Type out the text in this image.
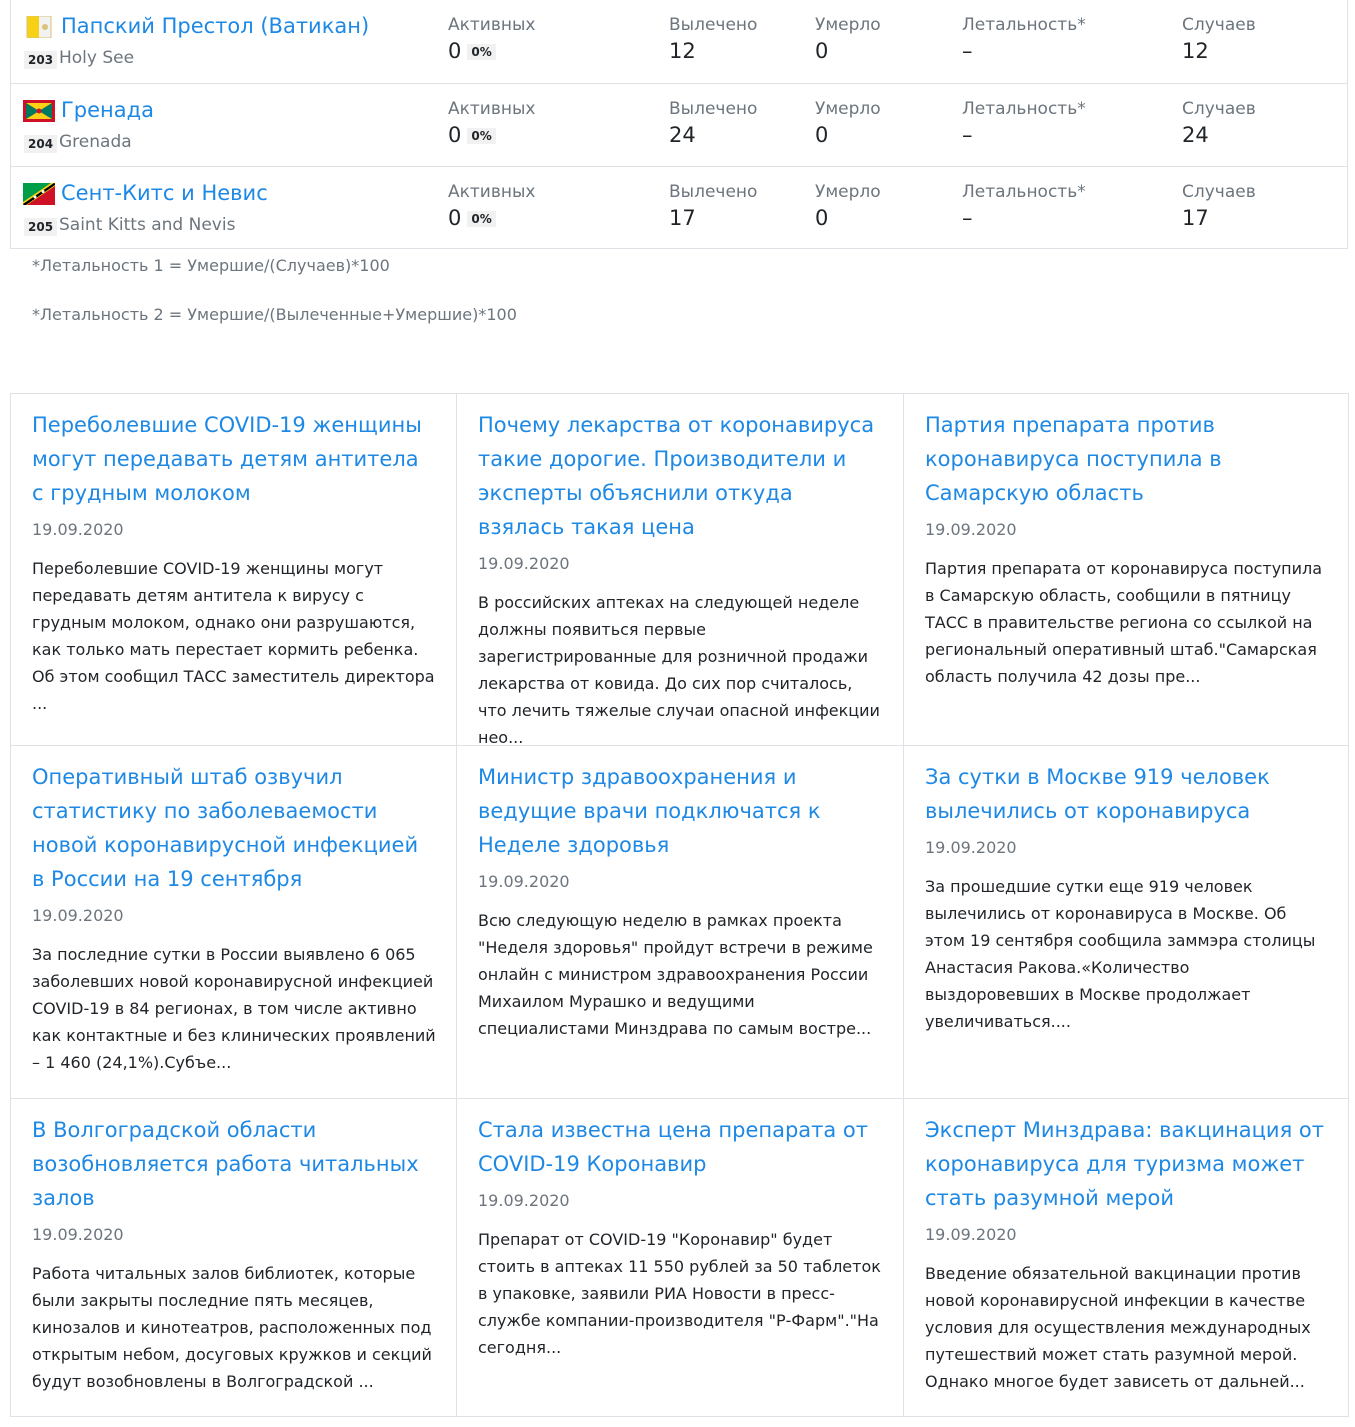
Папский Престол (Ватикан)
203 Holy See
Активных
0 0%
Вылечено
12
Умерло
0
Летальность*
–
Случаев
12
Гренада
204 Grenada
Активных
0 0%
Вылечено
24
Умерло
0
Летальность*
–
Случаев
24
Сент-Китс и Невис
205 Saint Kitts and Nevis
Активных
0 0%
Вылечено
17
Умерло
0
Летальность*
–
Случаев
17
*Летальность 1 = Умершие/(Случаев)*100
*Летальность 2 = Умершие/(Вылеченные+Умершие)*100
Переболевшие COVID-19 женщины могут передавать детям антитела с грудным молоком
19.09.2020
Переболевшие COVID-19 женщины могут передавать детям антитела к вирусу с грудным молоком, однако они разрушаются, как только мать перестает кормить ребенка. Об этом сообщил ТАСС заместитель директора ...
Почему лекарства от коронавируса такие дорогие. Производители и эксперты объяснили откуда взялась такая цена
19.09.2020
В российских аптеках на следующей неделе должны появиться первые зарегистрированные для розничной продажи лекарства от ковида. До сих пор считалось, что лечить тяжелые случаи опасной инфекции нео...
Партия препарата против коронавируса поступила в Самарскую область
19.09.2020
Партия препарата от коронавируса поступила в Самарскую область, сообщили в пятницу ТАСС в правительстве региона со ссылкой на региональный оперативный штаб."Самарская область получила 42 дозы пре...
Оперативный штаб озвучил статистику по заболеваемости новой коронавирусной инфекцией в России на 19 сентября
19.09.2020
За последние сутки в России выявлено 6 065 заболевших новой коронавирусной инфекцией COVID-19 в 84 регионах, в том числе активно как контактные и без клинических проявлений – 1 460 (24,1%).Субъе...
Министр здравоохранения и ведущие врачи подключатся к Неделе здоровья
19.09.2020
Всю следующую неделю в рамках проекта "Неделя здоровья" пройдут встречи в режиме онлайн с министром здравоохранения России Михаилом Мурашко и ведущими специалистами Минздрава по самым востре...
За сутки в Москве 919 человек вылечились от коронавируса
19.09.2020
За прошедшие сутки еще 919 человек вылечились от коронавируса в Москве. Об этом 19 сентября сообщила заммэра столицы Анастасия Ракова.«Количество выздоровевших в Москве продолжает увеличиваться....
В Волгоградской области возобновляется работа читальных залов
19.09.2020
Работа читальных залов библиотек, которые были закрыты последние пять месяцев, кинозалов и кинотеатров, расположенных под открытым небом, досуговых кружков и секций будут возобновлены в Волгоградской ...
Стала известна цена препарата от COVID-19 Коронавир
19.09.2020
Препарат от COVID-19 "Коронавир" будет стоить в аптеках 11 550 рублей за 50 таблеток в упаковке, заявили РИА Новости в пресс-службе компании-производителя "Р-Фарм"."На сегодня...
Эксперт Минздрава: вакцинация от коронавируса для туризма может стать разумной мерой
19.09.2020
Введение обязательной вакцинации против новой коронавирусной инфекции в качестве условия для осуществления международных путешествий может стать разумной мерой. Однако многое будет зависеть от дальней...
